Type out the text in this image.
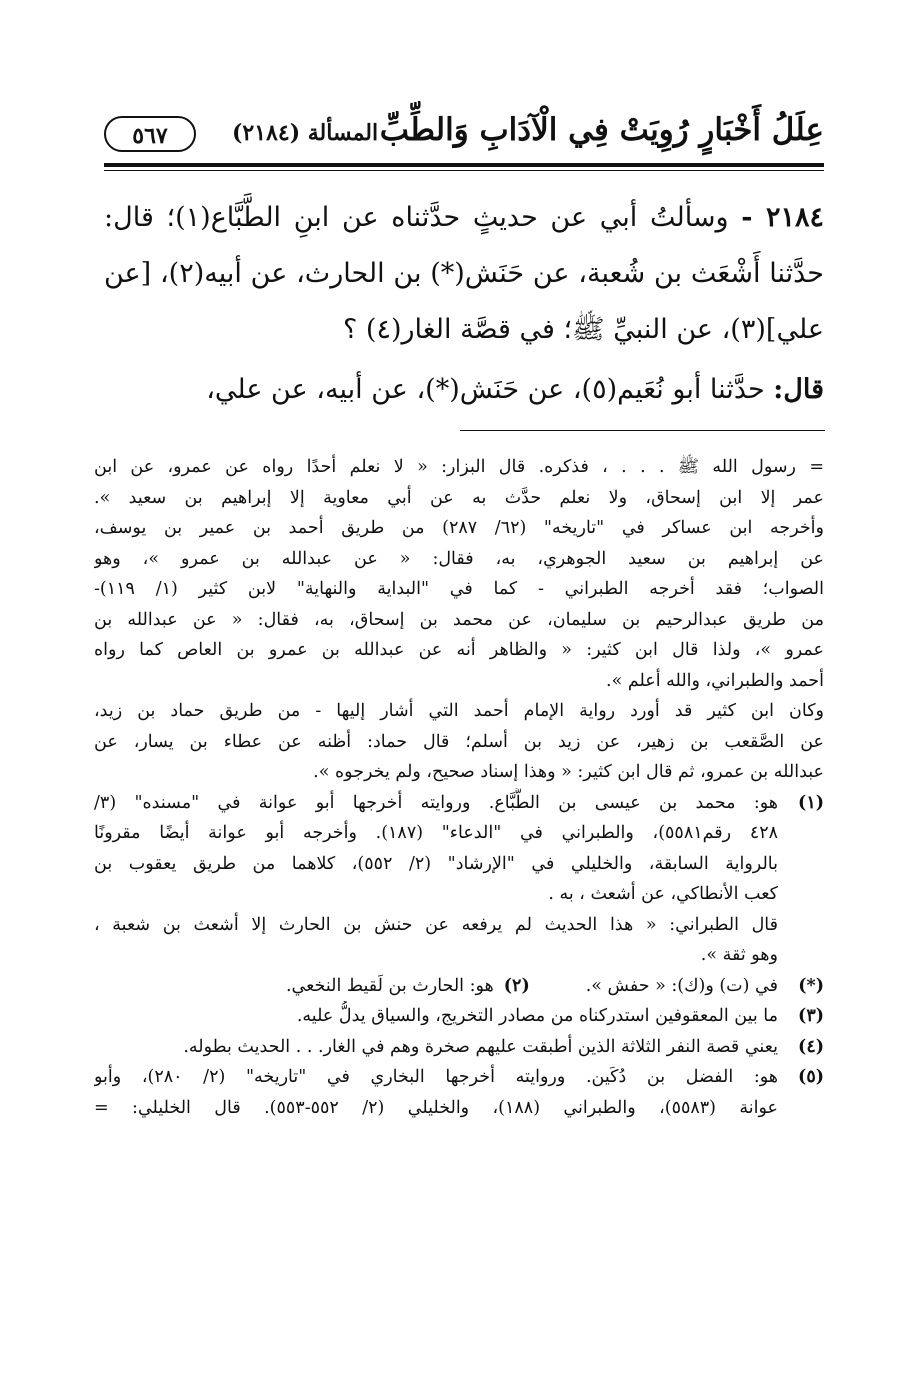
عِلَلُ أَخْبَارٍ رُوِيَتْ فِي الْآدَابِ وَالطِّبِّ
المسألة (٢١٨٤)
٥٦٧
٢١٨٤ - وسألتُ أبي عن حديثٍ حدَّثناه عن ابنِ الطَّبَّاع(١)؛ قال:
حدَّثنا أَشْعَث بن شُعبة، عن حَنَش(*) بن الحارث، عن أبيه(٢)، [عن
علي](٣)، عن النبيِّ ﷺ؛ في قصَّة الغار(٤) ؟
قال: حدَّثنا أبو نُعَيم(٥)، عن حَنَش(*)، عن أبيه، عن علي،
= رسول الله ﷺ . . . ، فذكره. قال البزار: « لا نعلم أحدًا رواه عن عمرو، عن ابن
عمر إلا ابن إسحاق، ولا نعلم حدَّث به عن أبي معاوية إلا إبراهيم بن سعيد ».
وأخرجه ابن عساكر في "تاريخه" (٦٢/ ٢٨٧) من طريق أحمد بن عمير بن يوسف،
عن إبراهيم بن سعيد الجوهري، به، فقال: « عن عبدالله بن عمرو »، وهو
الصواب؛ فقد أخرجه الطبراني - كما في "البداية والنهاية" لابن كثير (١/ ١١٩)-
من طريق عبدالرحيم بن سليمان، عن محمد بن إسحاق، به، فقال: « عن عبدالله بن
عمرو »، ولذا قال ابن كثير: « والظاهر أنه عن عبدالله بن عمرو بن العاص كما رواه
أحمد والطبراني، والله أعلم ».
وكان ابن كثير قد أورد رواية الإمام أحمد التي أشار إليها - من طريق حماد بن زيد،
عن الصَّقعب بن زهير، عن زيد بن أسلم؛ قال حماد: أظنه عن عطاء بن يسار، عن
عبدالله بن عمرو، ثم قال ابن كثير: « وهذا إسناد صحيح، ولم يخرجوه ».
(١)
هو: محمد بن عيسى بن الطَّبَّاع. وروايته أخرجها أبو عوانة في "مسنده" (٣/
٤٢٨ رقم٥٥٨١)، والطبراني في "الدعاء" (١٨٧). وأخرجه أبو عوانة أيضًا مقرونًا
بالرواية السابقة، والخليلي في "الإرشاد" (٢/ ٥٥٢)، كلاهما من طريق يعقوب بن
كعب الأنطاكي، عن أشعث ، به .
قال الطبراني: « هذا الحديث لم يرفعه عن حنش بن الحارث إلا أشعث بن شعبة ،
وهو ثقة ».
(*)
في (ت) و(ك): « حفش ».
(٢)
هو: الحارث بن لَقيط النخعي.
(٣)
ما بين المعقوفين استدركناه من مصادر التخريج، والسياق يدلُّ عليه.
(٤)
يعني قصة النفر الثلاثة الذين أطبقت عليهم صخرة وهم في الغار. . . الحديث بطوله.
(٥)
هو: الفضل بن دُكَين. وروايته أخرجها البخاري في "تاريخه" (٢/ ٢٨٠)، وأبو
عوانة (٥٥٨٣)، والطبراني (١٨٨)، والخليلي (٢/ ٥٥٢-٥٥٣). قال الخليلي: =
